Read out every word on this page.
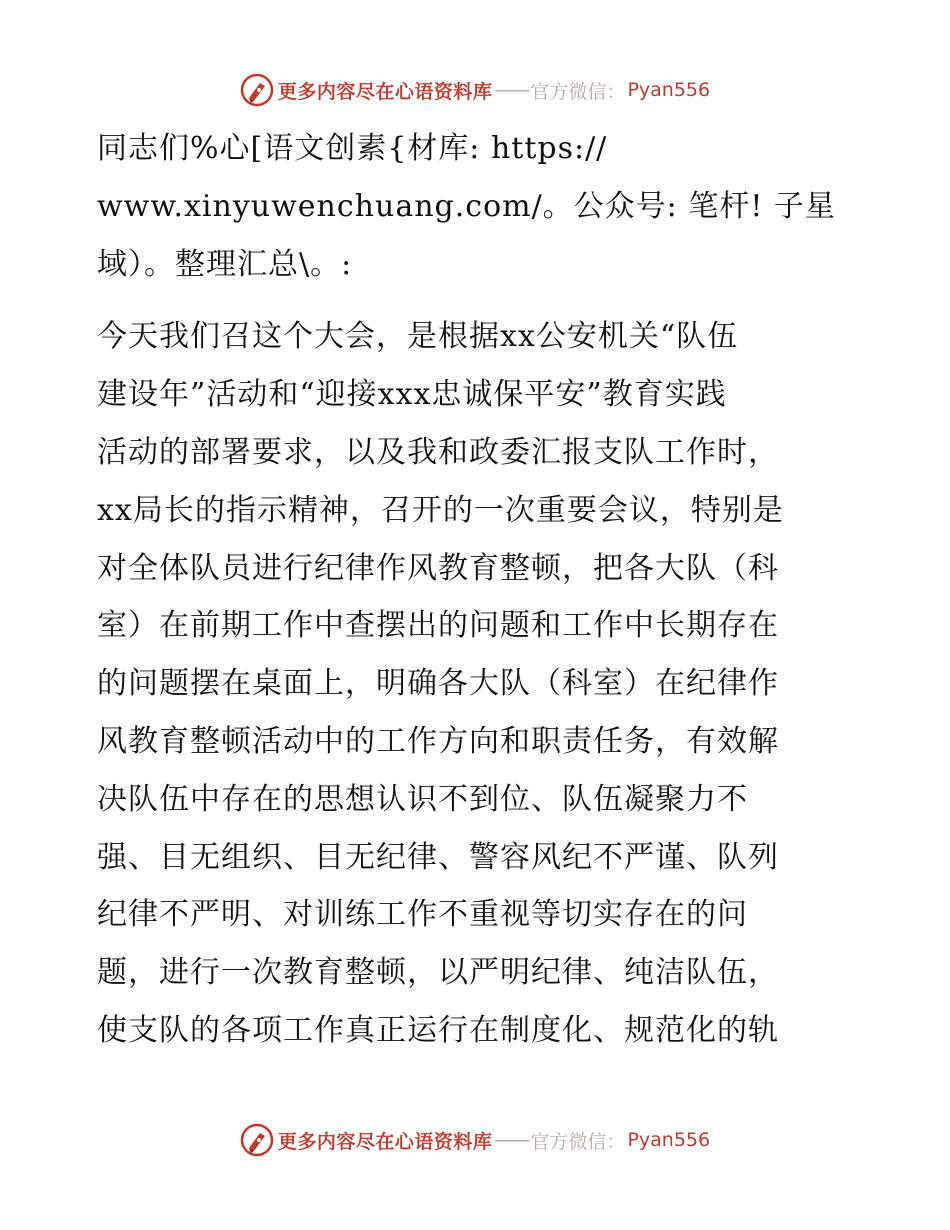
更多内容尽在心语资料库 —— 官方微信： Pyan556

同志们%心[语文创素{材库: https://
www.xinyuwenchuang.com/。公众号: 笔杆! 子星
域）。整理汇总\。:

今天我们召这个大会，是根据xx公安机关“队伍
建设年”活动和“迎接xxx忠诚保平安”教育实践
活动的部署要求，以及我和政委汇报支队工作时，
xx局长的指示精神，召开的一次重要会议，特别是
对全体队员进行纪律作风教育整顿，把各大队（科
室）在前期工作中查摆出的问题和工作中长期存在
的问题摆在桌面上，明确各大队（科室）在纪律作
风教育整顿活动中的工作方向和职责任务，有效解
决队伍中存在的思想认识不到位、队伍凝聚力不
强、目无组织、目无纪律、警容风纪不严谨、队列
纪律不严明、对训练工作不重视等切实存在的问
题，进行一次教育整顿，以严明纪律、纯洁队伍，
使支队的各项工作真正运行在制度化、规范化的轨

更多内容尽在心语资料库 —— 官方微信： Pyan556
